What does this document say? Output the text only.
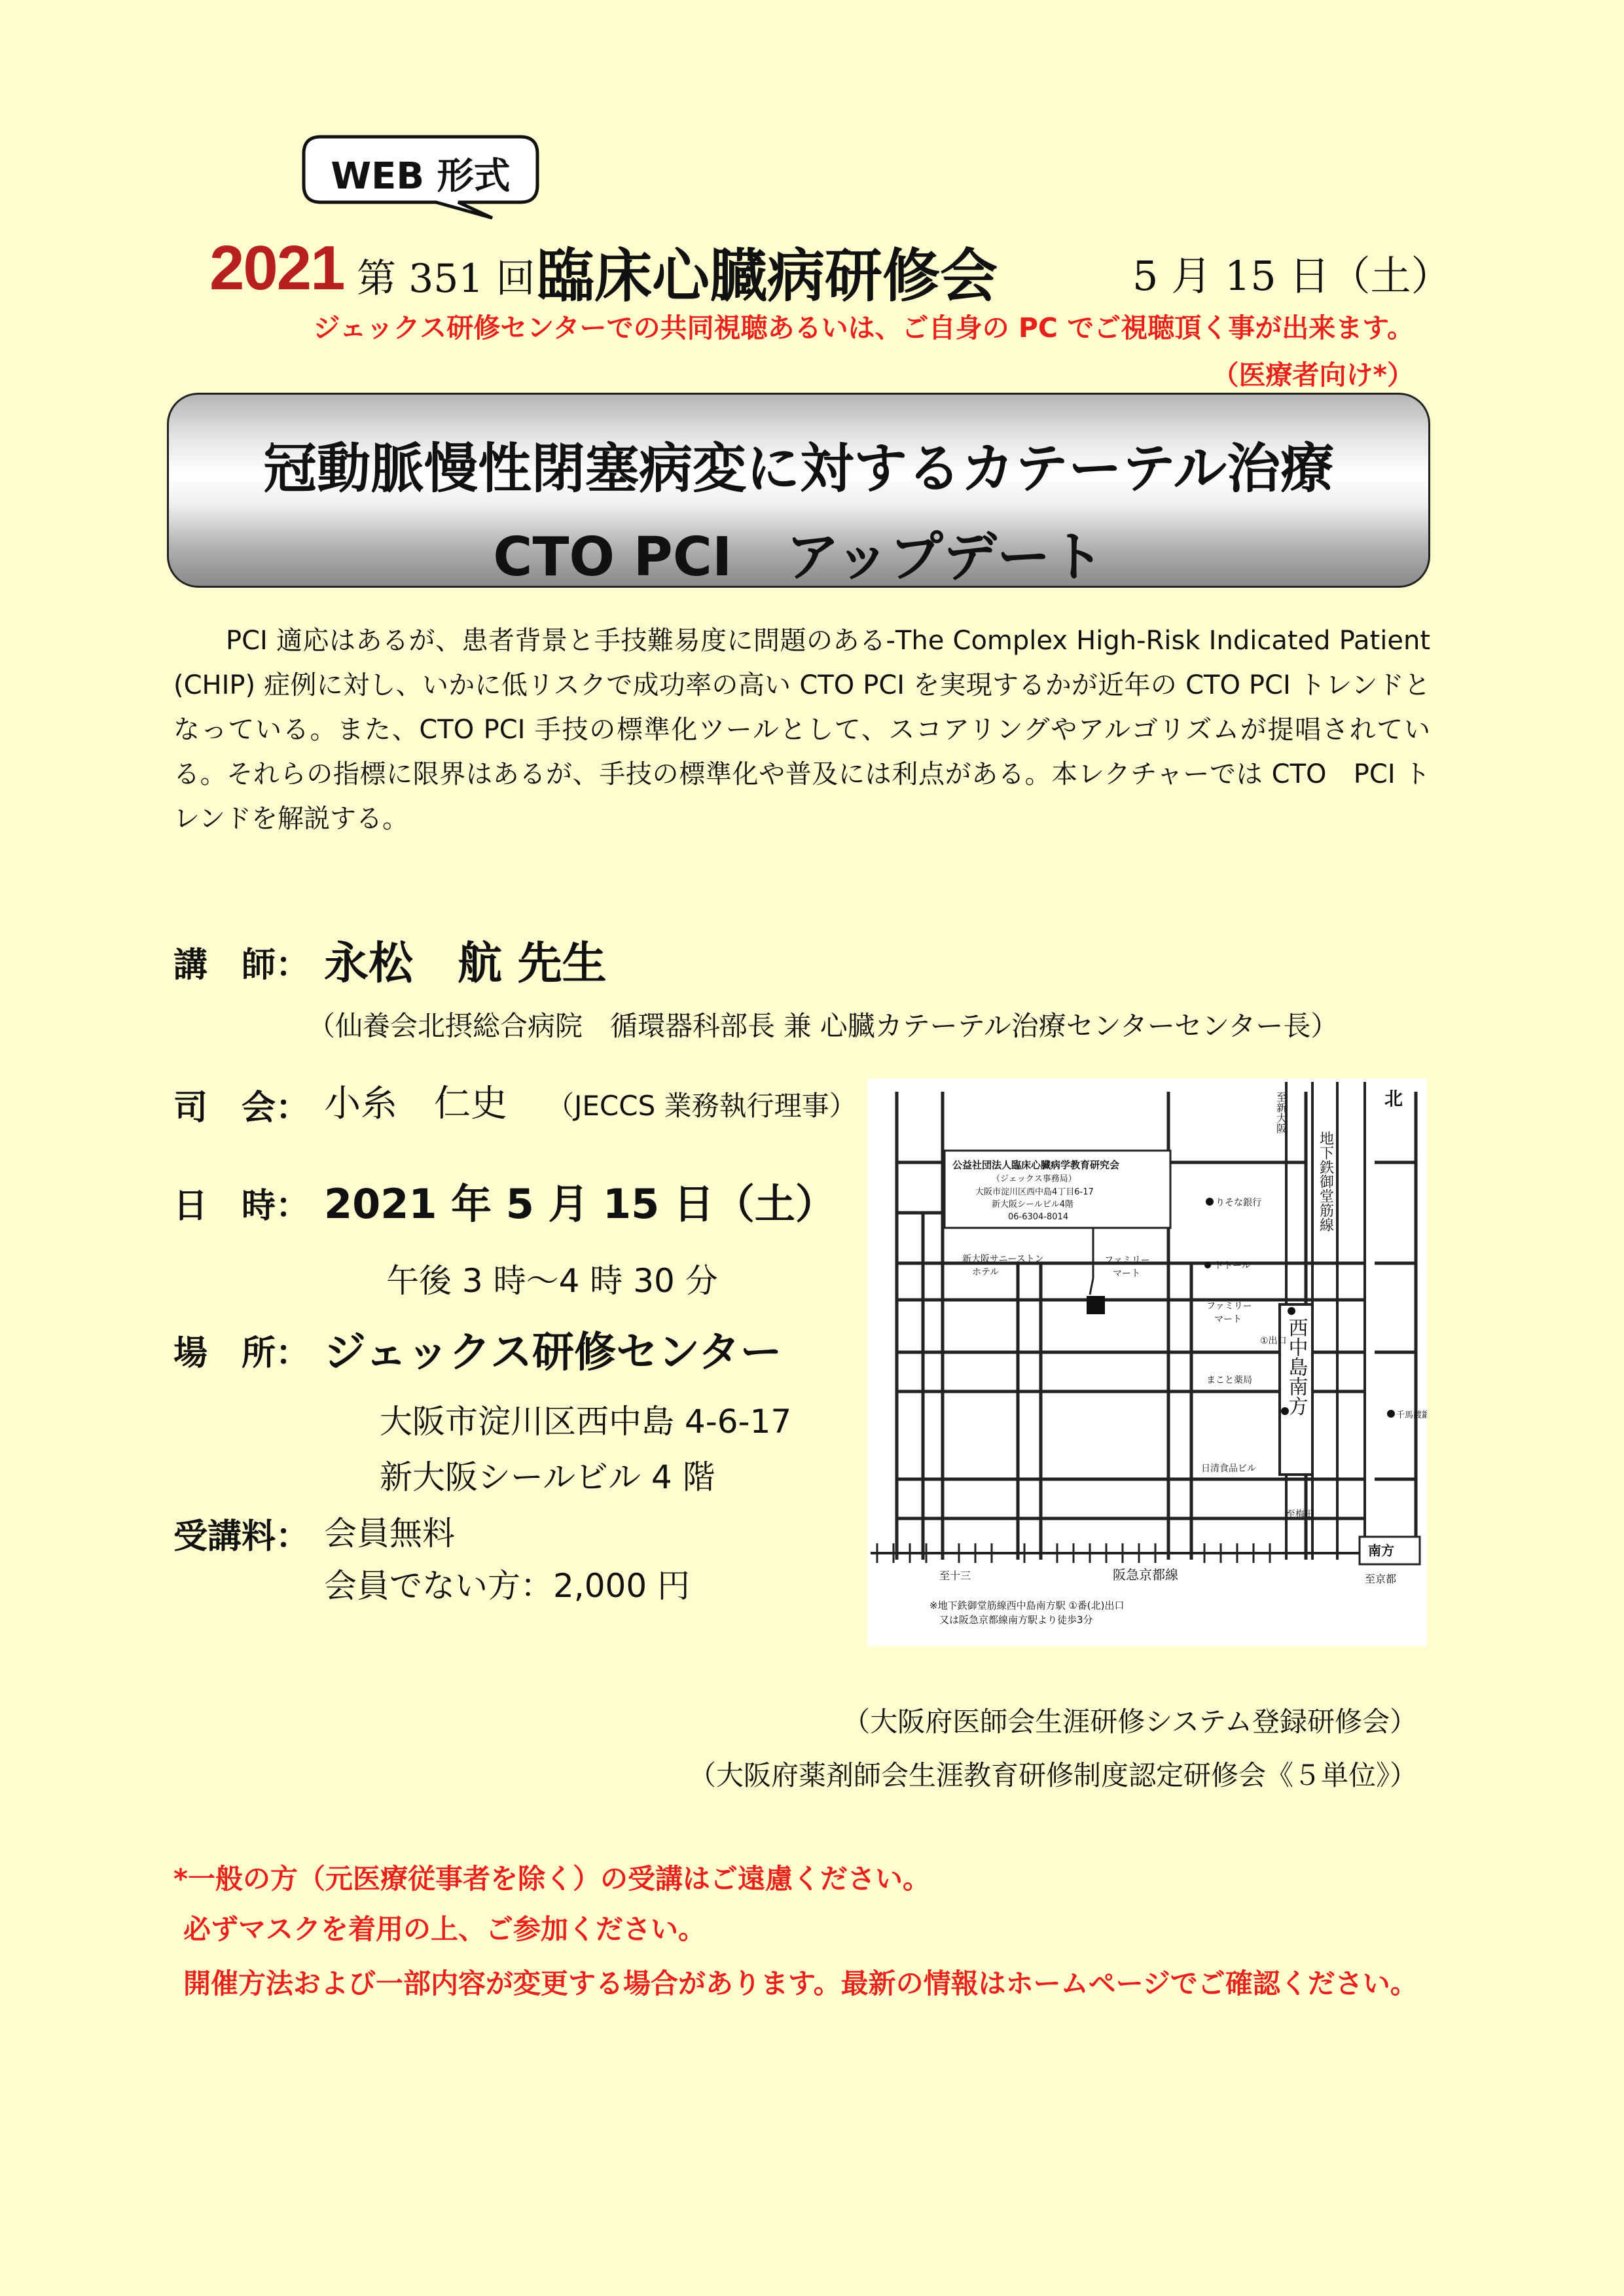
WEB 形式
2021 第 351 回 臨床心臓病研修会	5 月 15 日（土）
ジェックス研修センターでの共同視聴あるいは、ご自身の PC でご視聴頂く事が出来ます。
（医療者向け*）
冠動脈慢性閉塞病変に対するカテーテル治療
CTO PCI　アップデート
PCI 適応はあるが、患者背景と手技難易度に問題のある-The Complex High-Risk Indicated Patient (CHIP) 症例に対し、いかに低リスクで成功率の高い CTO PCI を実現するかが近年の CTO PCI トレンドとなっている。また、CTO PCI 手技の標準化ツールとして、スコアリングやアルゴリズムが提唱されている。それらの指標に限界はあるが、手技の標準化や普及には利点がある。本レクチャーでは CTO　PCI トレンドを解説する。
講　師： 永松　航 先生
（仙養会北摂総合病院　循環器科部長 兼 心臓カテーテル治療センターセンター長）
司　会： 小糸　仁史 （JECCS 業務執行理事）
日　時： 2021 年 5 月 15 日（土）
午後 3 時～4 時 30 分
場　所： ジェックス研修センター
大阪市淀川区西中島 4-6-17
新大阪シールビル 4 階
受講料： 会員無料
会員でない方：2,000 円
北
公益社団法人臨床心臓病学教育研究会
（ジェックス事務局）
大阪市淀川区西中島4丁目6-17
新大阪シールビル4階
06-6304-8014
りそな銀行
新大阪サニーストン
ホテル
ファミリー
マート
ドトール
ファミリー
マート
①出口
まこと薬局
千馬鍍鍛
日清食品ビル
至梅田
至十三	阪急京都線
南方
至京都
※地下鉄御堂筋線西中島南方駅 ①番(北)出口
又は阪急京都線南方駅より徒歩3分
至新大阪
地下鉄御堂筋線
西中島南方
（大阪府医師会生涯研修システム登録研修会）
（大阪府薬剤師会生涯教育研修制度認定研修会《５単位》）
*一般の方（元医療従事者を除く）の受講はご遠慮ください。
必ずマスクを着用の上、ご参加ください。
開催方法および一部内容が変更する場合があります。最新の情報はホームページでご確認ください。
